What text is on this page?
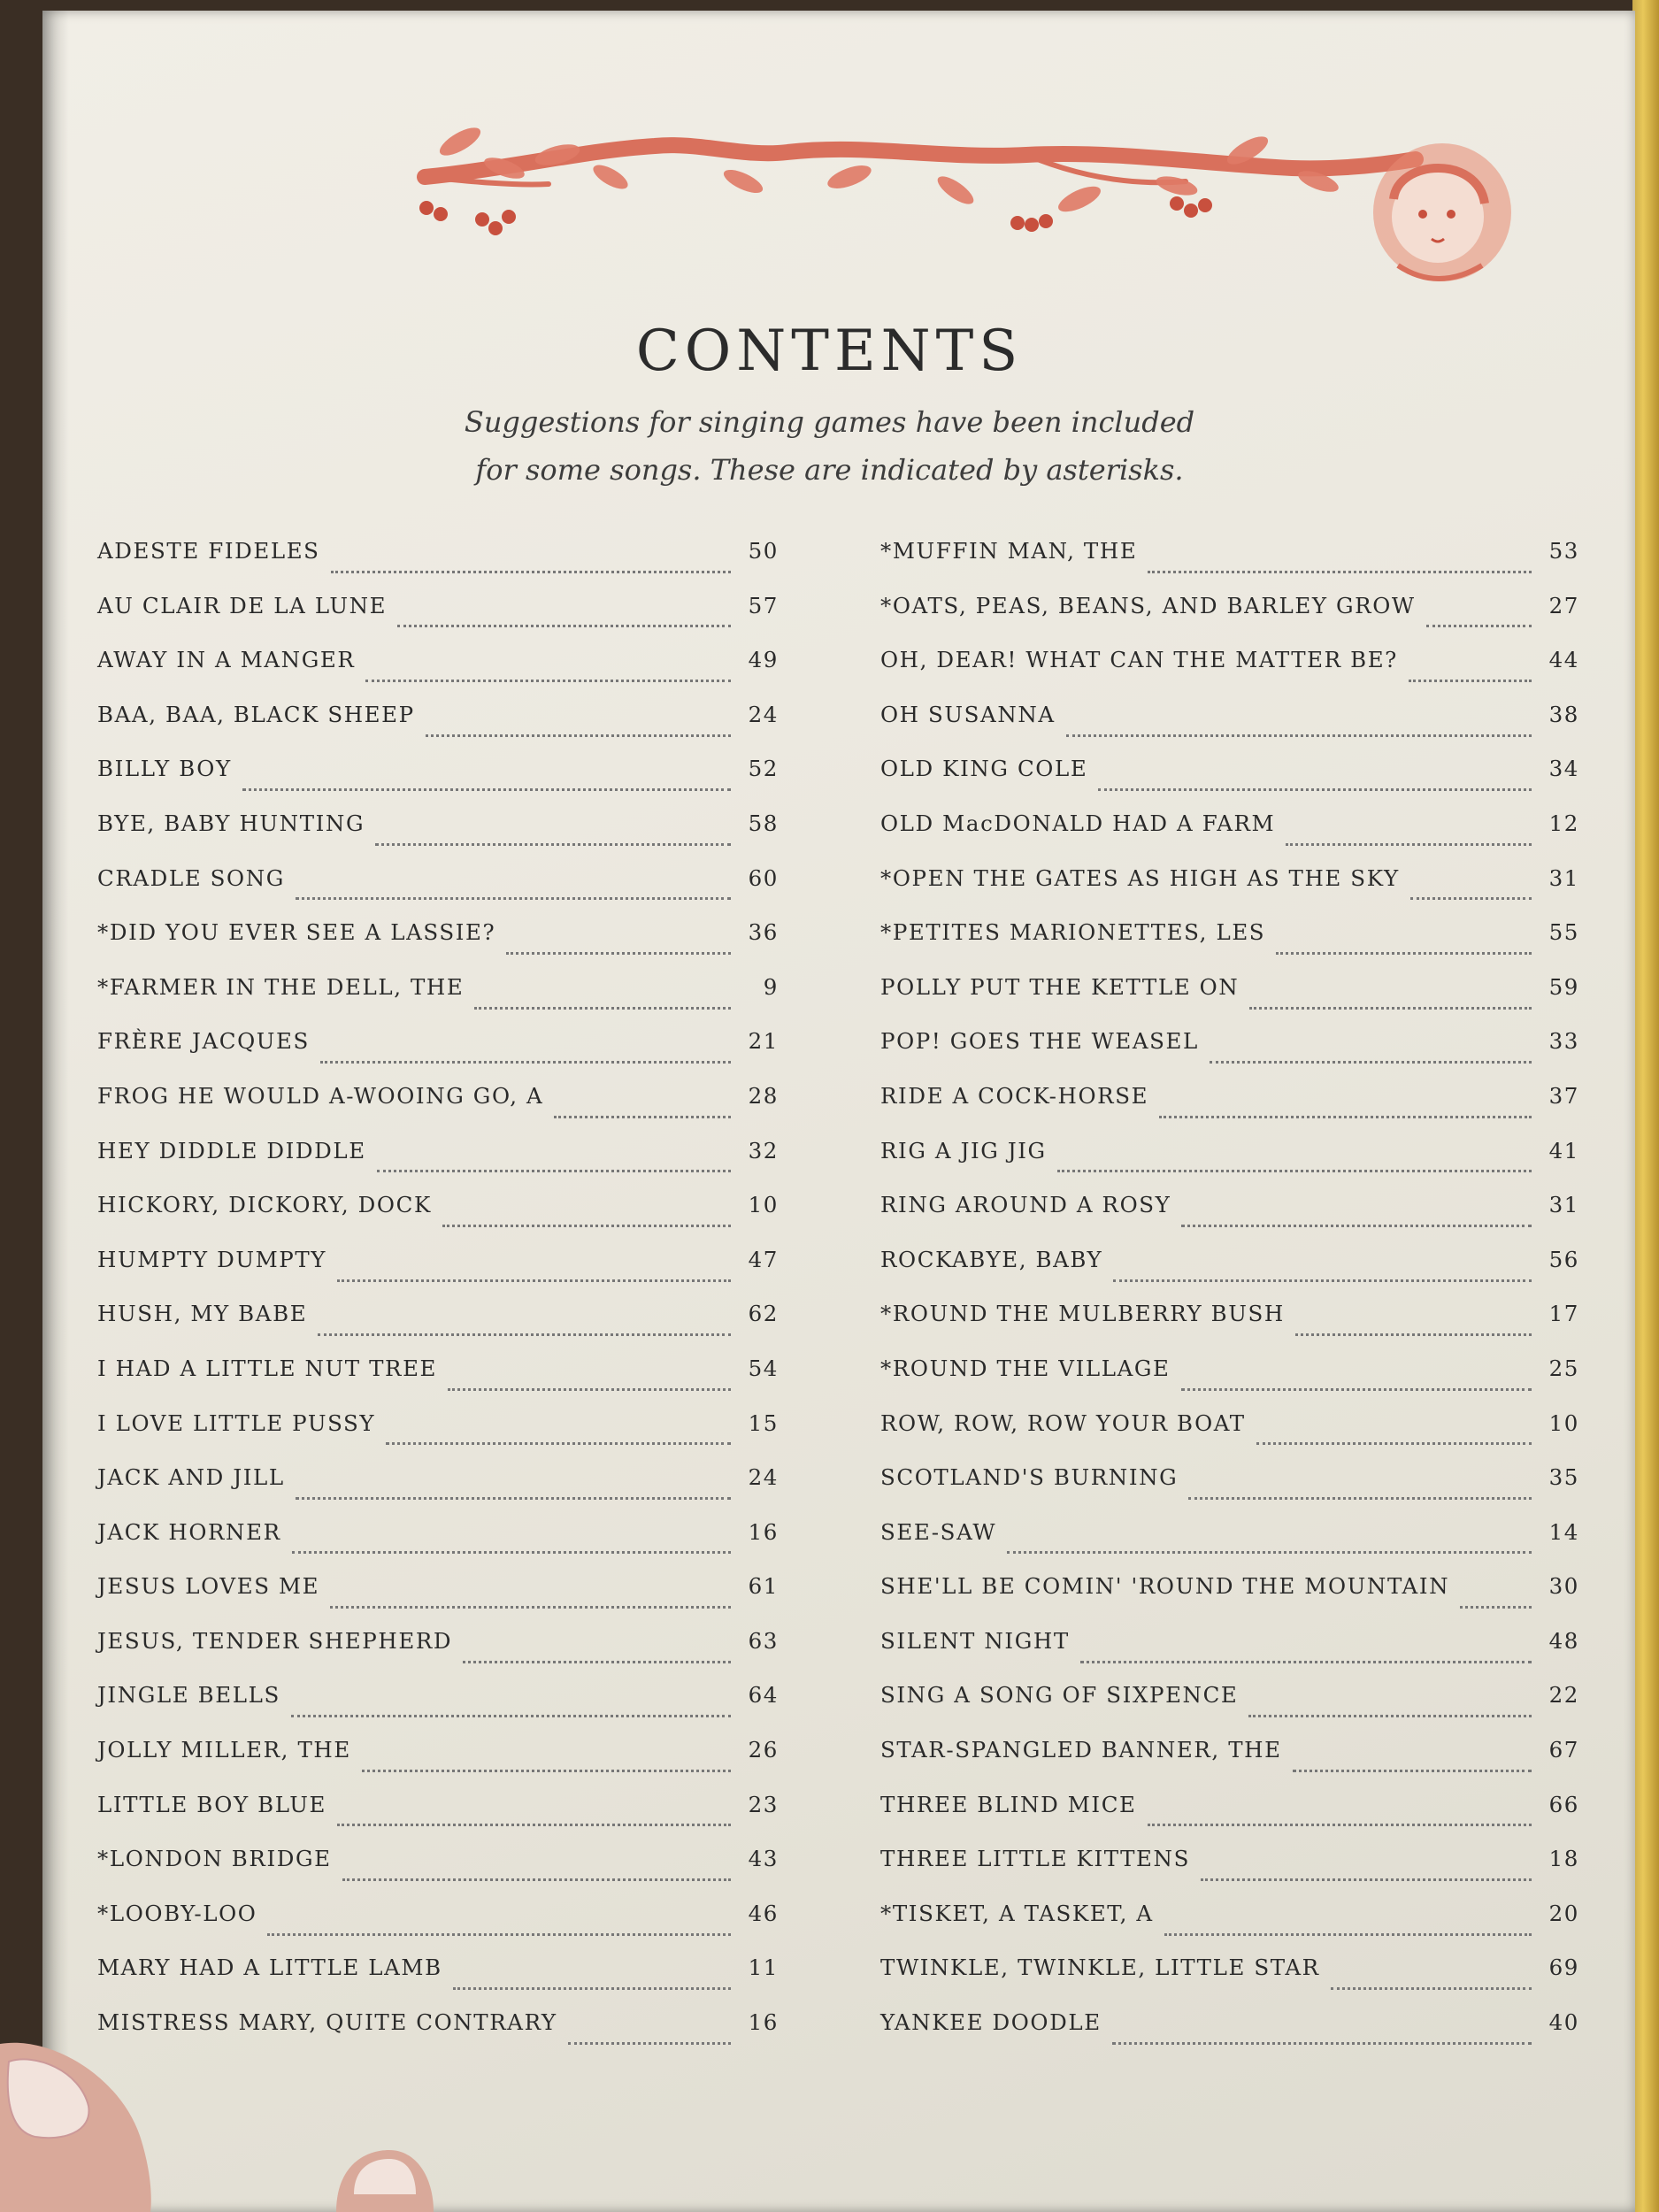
CONTENTS
Suggestions for singing games have been included
for some songs. These are indicated by asterisks.
ADESTE FIDELES	50
AU CLAIR DE LA LUNE	57
AWAY IN A MANGER	49
BAA, BAA, BLACK SHEEP	24
BILLY BOY	52
BYE, BABY HUNTING	58
CRADLE SONG	60
*DID YOU EVER SEE A LASSIE?	36
*FARMER IN THE DELL, THE	9
FRÈRE JACQUES	21
FROG HE WOULD A-WOOING GO, A	28
HEY DIDDLE DIDDLE	32
HICKORY, DICKORY, DOCK	10
HUMPTY DUMPTY	47
HUSH, MY BABE	62
I HAD A LITTLE NUT TREE	54
I LOVE LITTLE PUSSY	15
JACK AND JILL	24
JACK HORNER	16
JESUS LOVES ME	61
JESUS, TENDER SHEPHERD	63
JINGLE BELLS	64
JOLLY MILLER, THE	26
LITTLE BOY BLUE	23
*LONDON BRIDGE	43
*LOOBY-LOO	46
MARY HAD A LITTLE LAMB	11
MISTRESS MARY, QUITE CONTRARY	16
*MUFFIN MAN, THE	53
*OATS, PEAS, BEANS, AND BARLEY GROW	27
OH, DEAR! WHAT CAN THE MATTER BE?	44
OH SUSANNA	38
OLD KING COLE	34
OLD MacDONALD HAD A FARM	12
*OPEN THE GATES AS HIGH AS THE SKY	31
*PETITES MARIONETTES, LES	55
POLLY PUT THE KETTLE ON	59
POP! GOES THE WEASEL	33
RIDE A COCK-HORSE	37
RIG A JIG JIG	41
RING AROUND A ROSY	31
ROCKABYE, BABY	56
*ROUND THE MULBERRY BUSH	17
*ROUND THE VILLAGE	25
ROW, ROW, ROW YOUR BOAT	10
SCOTLAND'S BURNING	35
SEE-SAW	14
SHE'LL BE COMIN' 'ROUND THE MOUNTAIN	30
SILENT NIGHT	48
SING A SONG OF SIXPENCE	22
STAR-SPANGLED BANNER, THE	67
THREE BLIND MICE	66
THREE LITTLE KITTENS	18
*TISKET, A TASKET, A	20
TWINKLE, TWINKLE, LITTLE STAR	69
YANKEE DOODLE	40
